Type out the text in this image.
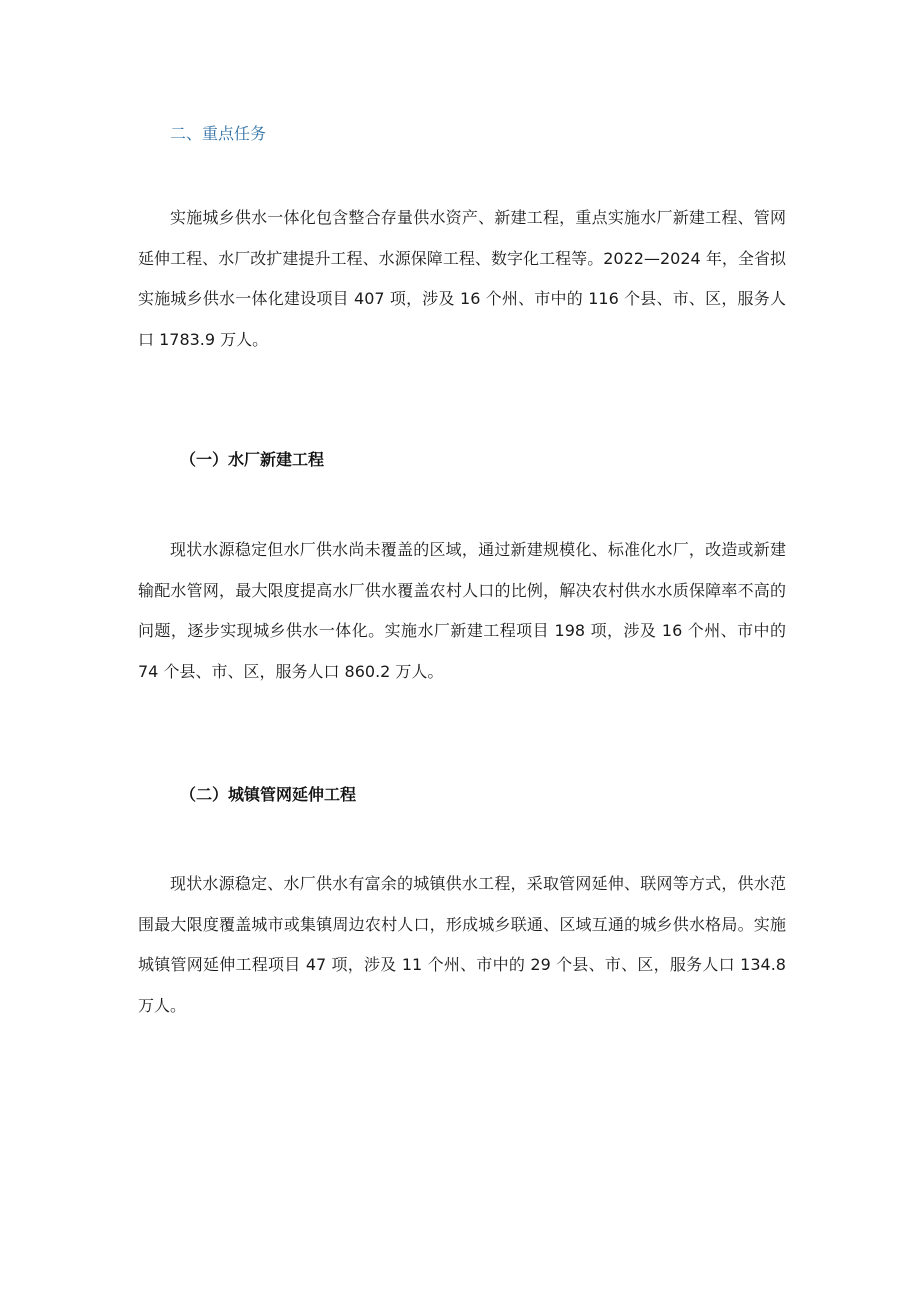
二、重点任务

实施城乡供水一体化包含整合存量供水资产、新建工程，重点实施水厂新建工程、管网延伸工程、水厂改扩建提升工程、水源保障工程、数字化工程等。2022—2024 年，全省拟实施城乡供水一体化建设项目 407 项，涉及 16 个州、市中的 116 个县、市、区，服务人口 1783.9 万人。

（一）水厂新建工程

现状水源稳定但水厂供水尚未覆盖的区域，通过新建规模化、标准化水厂，改造或新建输配水管网，最大限度提高水厂供水覆盖农村人口的比例，解决农村供水水质保障率不高的问题，逐步实现城乡供水一体化。实施水厂新建工程项目 198 项，涉及 16 个州、市中的 74 个县、市、区，服务人口 860.2 万人。

（二）城镇管网延伸工程

现状水源稳定、水厂供水有富余的城镇供水工程，采取管网延伸、联网等方式，供水范围最大限度覆盖城市或集镇周边农村人口，形成城乡联通、区域互通的城乡供水格局。实施城镇管网延伸工程项目 47 项，涉及 11 个州、市中的 29 个县、市、区，服务人口 134.8 万人。
